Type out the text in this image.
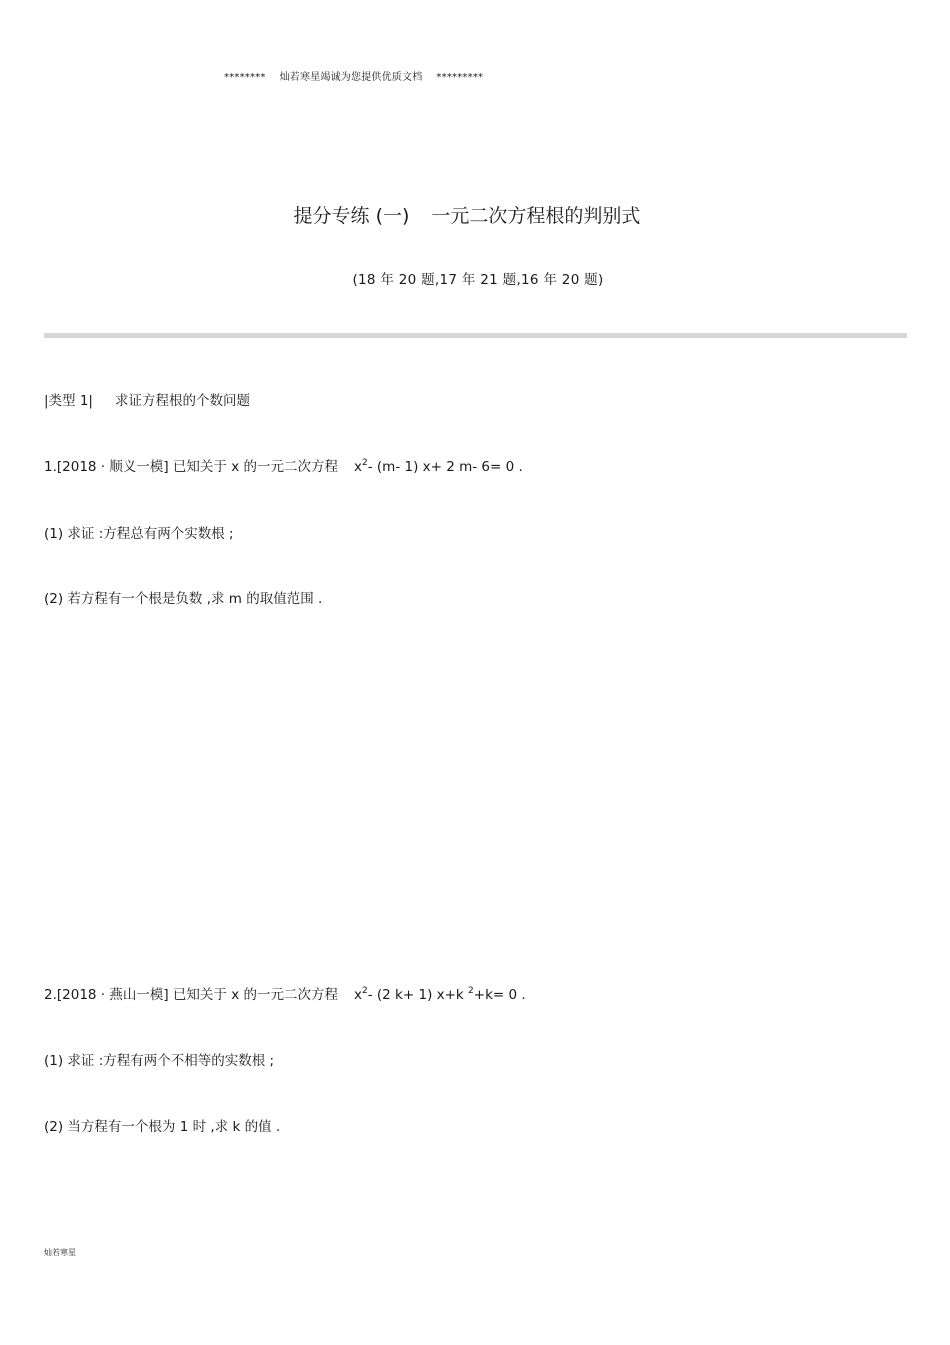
******** 灿若寒星竭诚为您提供优质文档 *********
提分专练 (一) 一元二次方程根的判别式
(18 年 20 题,17 年 21 题,16 年 20 题)
|类型 1| 求证方程根的个数问题
1.[2018 · 顺义一模] 已知关于 x 的一元二次方程 $x^2-$ (m- 1) x+ 2 m- 6= 0 .
(1) 求证 :方程总有两个实数根 ;
(2) 若方程有一个根是负数 ,求 m 的取值范围 .
2.[2018 · 燕山一模] 已知关于 x 的一元二次方程 $x^2-$ (2 k+ 1) x+k $^2$+k= 0 .
(1) 求证 :方程有两个不相等的实数根 ;
(2) 当方程有一个根为 1 时 ,求 k 的值 .
灿若寒星
